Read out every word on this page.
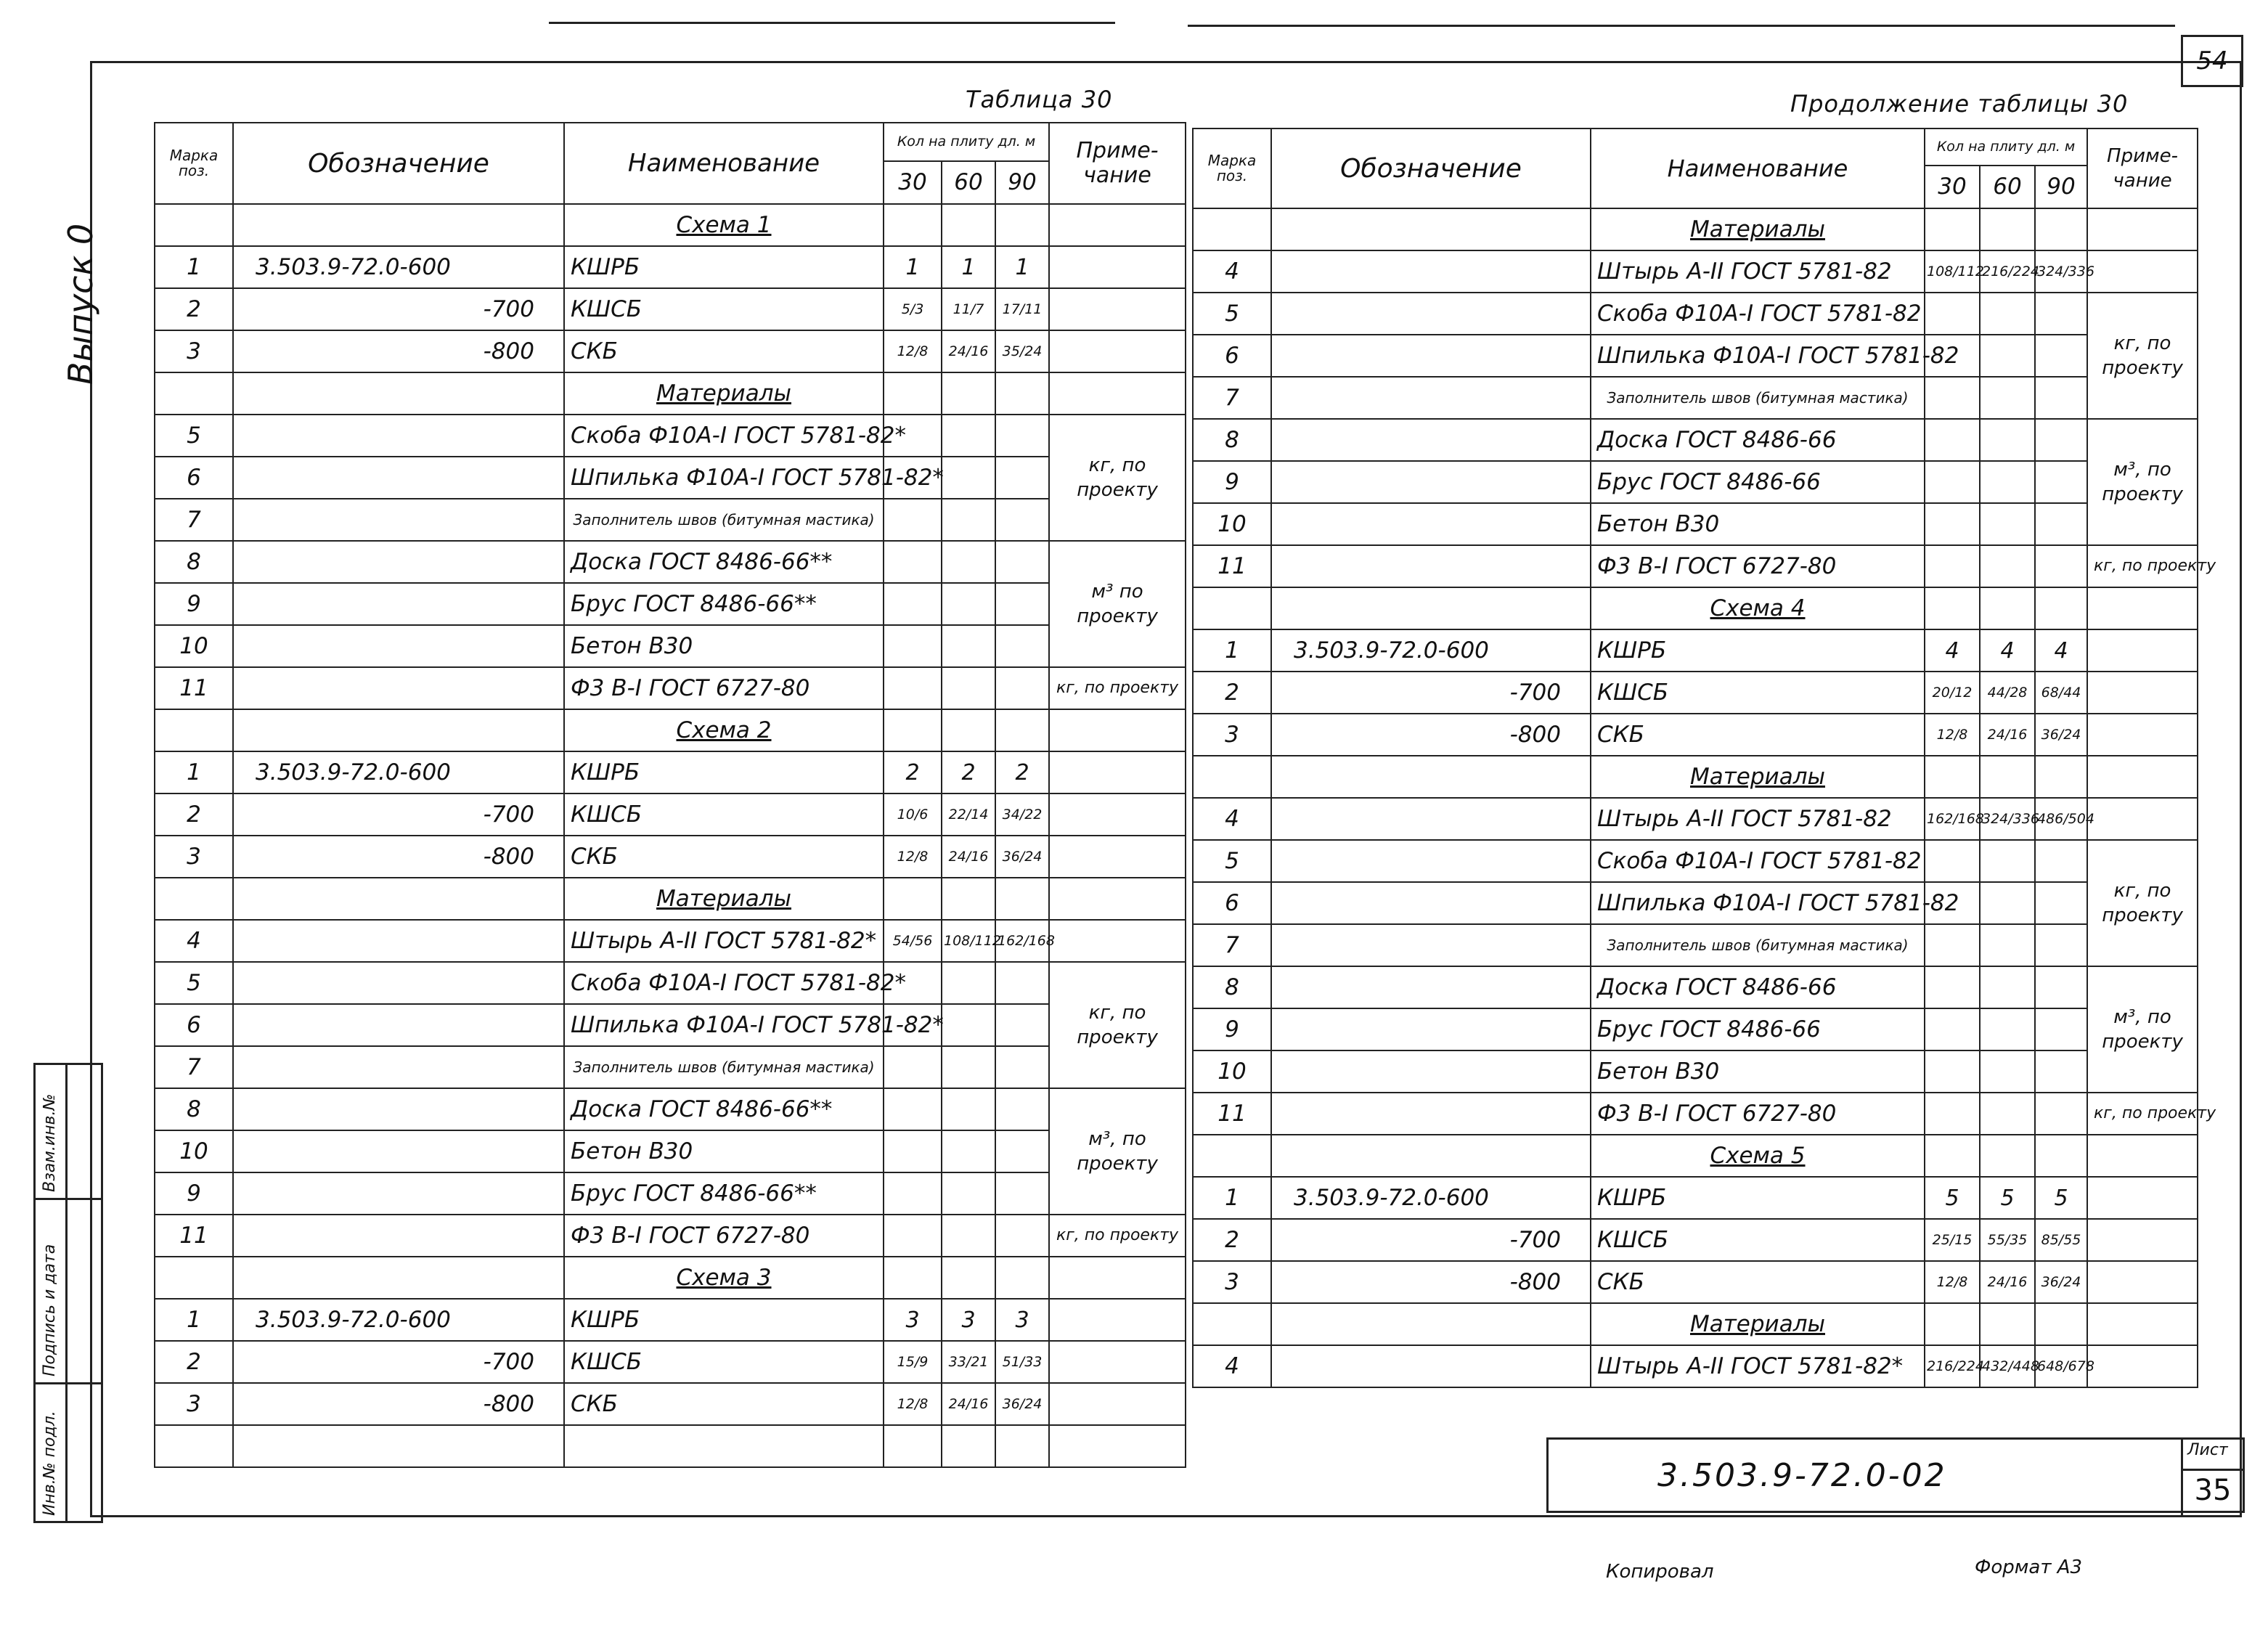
54
Выпуск 0
Инв.№ подл.
Подпись и дата
Взам.инв.№
Таблица 30	Продолжение таблицы 30
Марка поз.	Обозначение	Наименование	Кол на плиту дл. м			Приме- чание
			30	60	90	
		Схема 1				
1	3.503.9-72.0-600	КШРБ	1	1	1	
2	-700	КШСБ	5/3	11/7	17/11	
3	-800	СКБ	12/8	24/16	35/24	
		Материалы				
5		Скоба Ф10А-I ГОСТ 5781-82*				кг, по проекту
6		Шпилька Ф10А-I ГОСТ 5781-82*				
7		Заполнитель швов (битумная мастика)				
8		Доска ГОСТ 8486-66**				м³ по проекту
9		Брус ГОСТ 8486-66**				
10		Бетон В30				
11		Ф3 В-I ГОСТ 6727-80				кг, по проекту
		Схема 2				
1	3.503.9-72.0-600	КШРБ	2	2	2	
2	-700	КШСБ	10/6	22/14	34/22	
3	-800	СКБ	12/8	24/16	36/24	
		Материалы				
4		Штырь А-II ГОСТ 5781-82*	54/56	108/112	162/168	
5		Скоба Ф10А-I ГОСТ 5781-82*				кг, по проекту
6		Шпилька Ф10А-I ГОСТ 5781-82*				
7		Заполнитель швов (битумная мастика)				
8		Доска ГОСТ 8486-66**				м³, по проекту
10		Бетон В30				
9		Брус ГОСТ 8486-66**				
11		Ф3 В-I ГОСТ 6727-80				кг, по проекту
		Схема 3				
1	3.503.9-72.0-600	КШРБ	3	3	3	
2	-700	КШСБ	15/9	33/21	51/33	
3	-800	СКБ	12/8	24/16	36/24	

Марка поз.	Обозначение	Наименование	Кол на плиту дл. м			Приме- чание
			30	60	90	
		Материалы				
4		Штырь А-II ГОСТ 5781-82	108/112	216/224	324/336	
5		Скоба Ф10А-I ГОСТ 5781-82				кг, по проекту
6		Шпилька Ф10А-I ГОСТ 5781-82				
7		Заполнитель швов (битумная мастика)				
8		Доска ГОСТ 8486-66				м³, по проекту
9		Брус ГОСТ 8486-66				
10		Бетон В30				
11		Ф3 В-I ГОСТ 6727-80				кг, по проекту
		Схема 4				
1	3.503.9-72.0-600	КШРБ	4	4	4	
2	-700	КШСБ	20/12	44/28	68/44	
3	-800	СКБ	12/8	24/16	36/24	
		Материалы				
4		Штырь А-II ГОСТ 5781-82	162/168	324/336	486/504	
5		Скоба Ф10А-I ГОСТ 5781-82				кг, по проекту
6		Шпилька Ф10А-I ГОСТ 5781-82				
7		Заполнитель швов (битумная мастика)				
8		Доска ГОСТ 8486-66				м³, по проекту
9		Брус ГОСТ 8486-66				
10		Бетон В30				
11		Ф3 В-I ГОСТ 6727-80				кг, по проекту
		Схема 5				
1	3.503.9-72.0-600	КШРБ	5	5	5	
2	-700	КШСБ	25/15	55/35	85/55	
3	-800	СКБ	12/8	24/16	36/24	
		Материалы				
4		Штырь А-II ГОСТ 5781-82*	216/224	432/448	648/678	
3.503.9-72.0-02
Лист
35
Копировал	Формат А3
